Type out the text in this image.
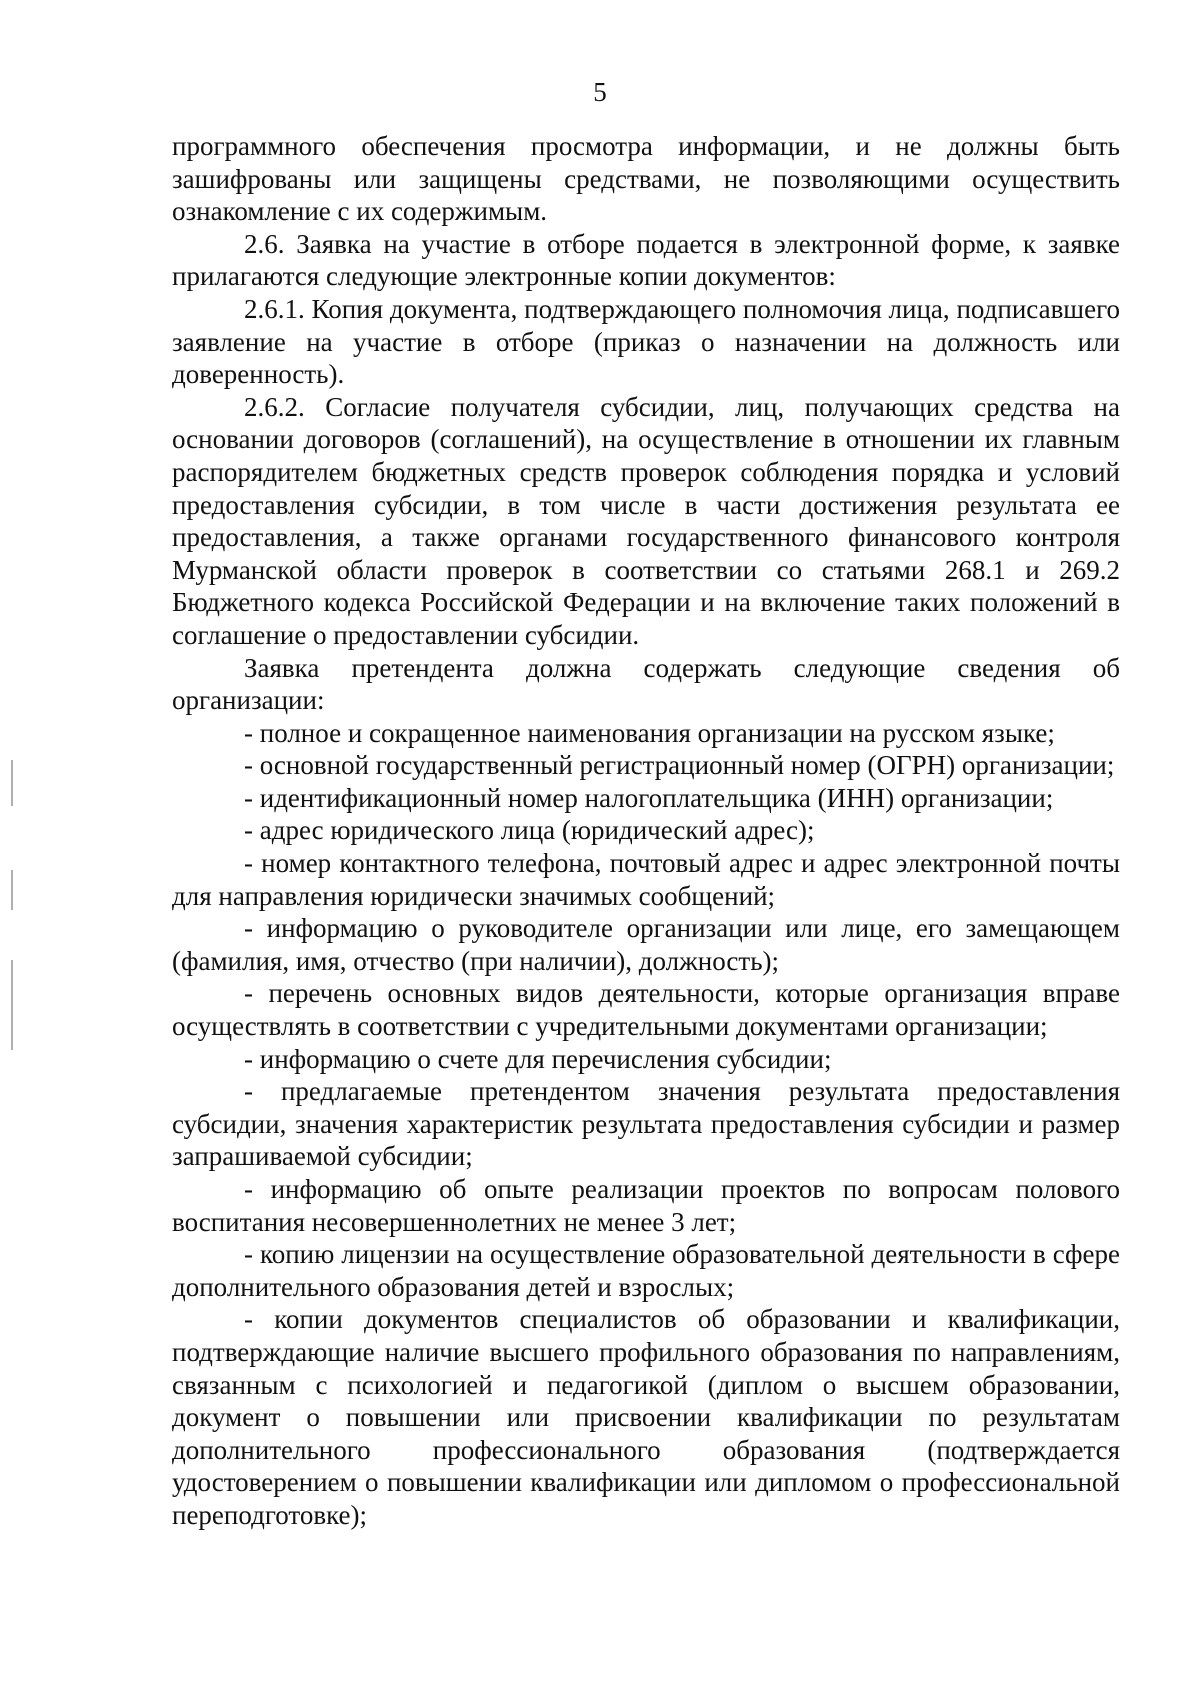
5

программного обеспечения просмотра информации, и не должны быть зашифрованы или защищены средствами, не позволяющими осуществить ознакомление с их содержимым.

2.6. Заявка на участие в отборе подается в электронной форме, к заявке прилагаются следующие электронные копии документов:

2.6.1. Копия документа, подтверждающего полномочия лица, подписавшего заявление на участие в отборе (приказ о назначении на должность или доверенность).

2.6.2. Согласие получателя субсидии, лиц, получающих средства на основании договоров (соглашений), на осуществление в отношении их главным распорядителем бюджетных средств проверок соблюдения порядка и условий предоставления субсидии, в том числе в части достижения результата ее предоставления, а также органами государственного финансового контроля Мурманской области проверок в соответствии со статьями 268.1 и 269.2 Бюджетного кодекса Российской Федерации и на включение таких положений в соглашение о предоставлении субсидии.

Заявка претендента должна содержать следующие сведения об организации:

- полное и сокращенное наименования организации на русском языке;

- основной государственный регистрационный номер (ОГРН) организации;

- идентификационный номер налогоплательщика (ИНН) организации;

- адрес юридического лица (юридический адрес);

- номер контактного телефона, почтовый адрес и адрес электронной почты для направления юридически значимых сообщений;

- информацию о руководителе организации или лице, его замещающем (фамилия, имя, отчество (при наличии), должность);

- перечень основных видов деятельности, которые организация вправе осуществлять в соответствии с учредительными документами организации;

- информацию о счете для перечисления субсидии;

- предлагаемые претендентом значения результата предоставления субсидии, значения характеристик результата предоставления субсидии и размер запрашиваемой субсидии;

- информацию об опыте реализации проектов по вопросам полового воспитания несовершеннолетних не менее 3 лет;

- копию лицензии на осуществление образовательной деятельности в сфере дополнительного образования детей и взрослых;

- копии документов специалистов об образовании и квалификации, подтверждающие наличие высшего профильного образования по направлениям, связанным с психологией и педагогикой (диплом о высшем образовании, документ о повышении или присвоении квалификации по результатам дополнительного профессионального образования (подтверждается удостоверением о повышении квалификации или дипломом о профессиональной переподготовке);
